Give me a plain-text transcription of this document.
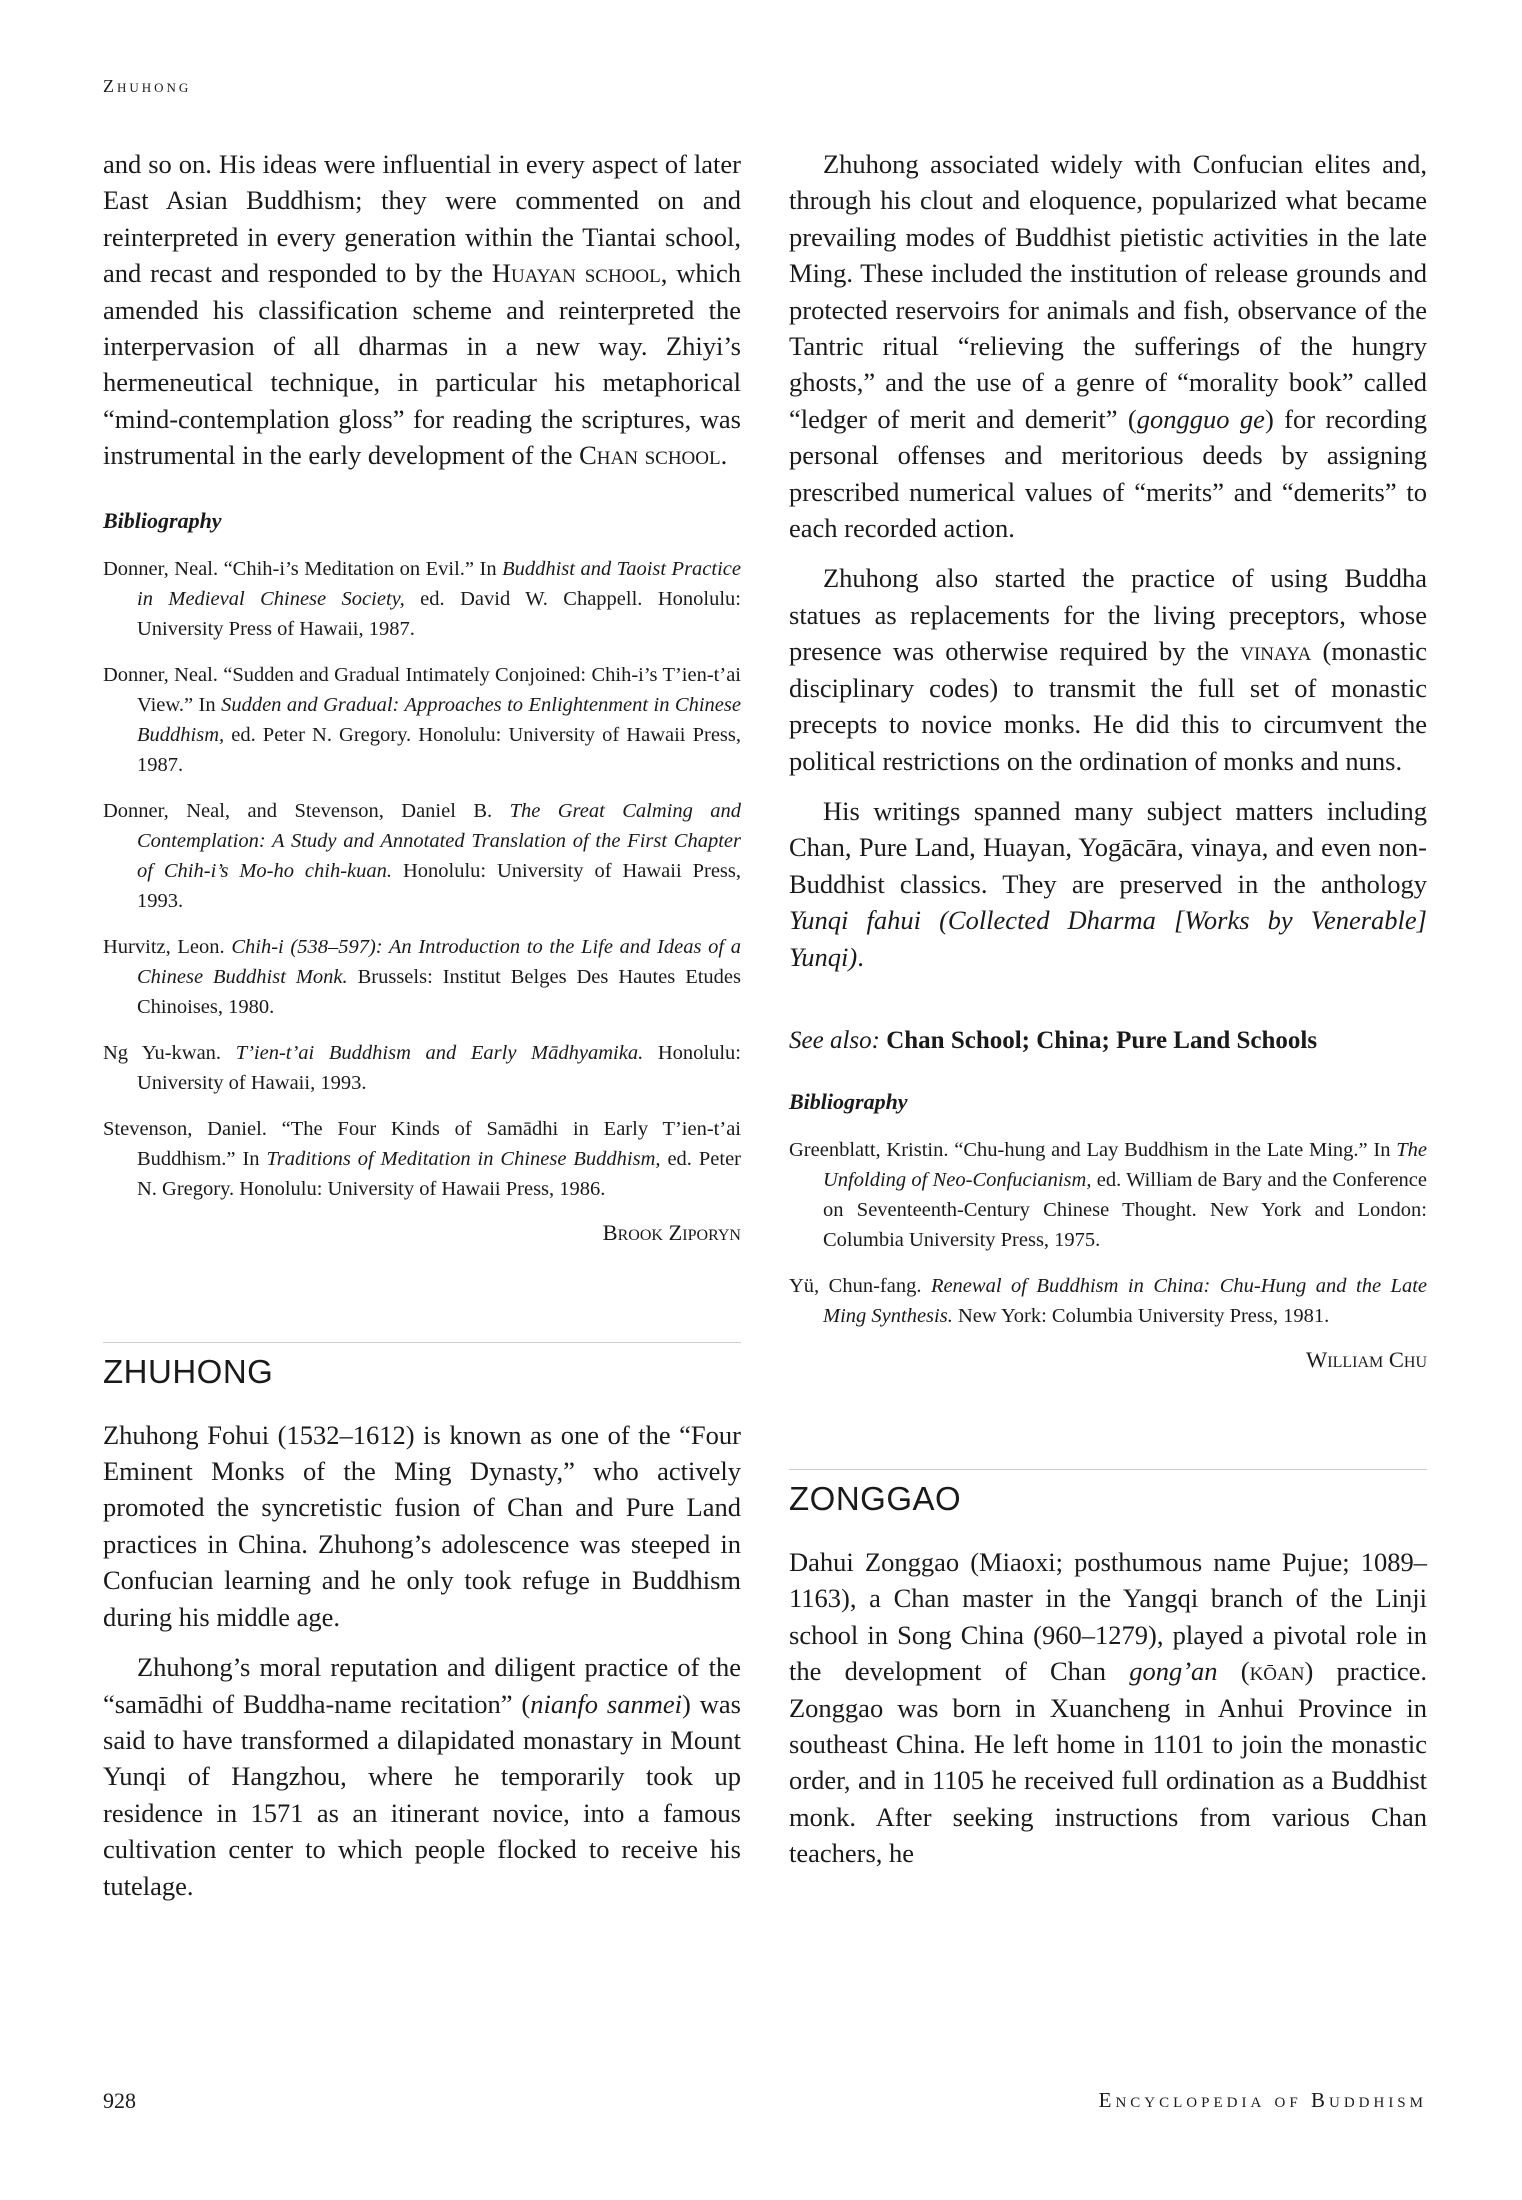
Zhuhong

and so on. His ideas were influential in every aspect of later East Asian Buddhism; they were commented on and reinterpreted in every generation within the Tiantai school, and recast and responded to by the Huayan school, which amended his classification scheme and reinterpreted the interpervasion of all dharmas in a new way. Zhiyi’s hermeneutical technique, in particular his metaphorical “mind-contemplation gloss” for reading the scriptures, was instrumental in the early development of the Chan school.

Bibliography
Donner, Neal. “Chih-i’s Meditation on Evil.” In Buddhist and Taoist Practice in Medieval Chinese Society, ed. David W. Chappell. Honolulu: University Press of Hawaii, 1987.
Donner, Neal. “Sudden and Gradual Intimately Conjoined: Chih-i’s T’ien-t’ai View.” In Sudden and Gradual: Approaches to Enlightenment in Chinese Buddhism, ed. Peter N. Gregory. Honolulu: University of Hawaii Press, 1987.
Donner, Neal, and Stevenson, Daniel B. The Great Calming and Contemplation: A Study and Annotated Translation of the First Chapter of Chih-i’s Mo-ho chih-kuan. Honolulu: University of Hawaii Press, 1993.
Hurvitz, Leon. Chih-i (538–597): An Introduction to the Life and Ideas of a Chinese Buddhist Monk. Brussels: Institut Belges Des Hautes Etudes Chinoises, 1980.
Ng Yu-kwan. T’ien-t’ai Buddhism and Early Mādhyamika. Honolulu: University of Hawaii, 1993.
Stevenson, Daniel. “The Four Kinds of Samādhi in Early T’ien-t’ai Buddhism.” In Traditions of Meditation in Chinese Buddhism, ed. Peter N. Gregory. Honolulu: University of Hawaii Press, 1986.
Brook Ziporyn
ZHUHONG

Zhuhong Fohui (1532–1612) is known as one of the “Four Eminent Monks of the Ming Dynasty,” who actively promoted the syncretistic fusion of Chan and Pure Land practices in China. Zhuhong’s adolescence was steeped in Confucian learning and he only took refuge in Buddhism during his middle age.

Zhuhong’s moral reputation and diligent practice of the “samādhi of Buddha-name recitation” (nianfo sanmei) was said to have transformed a dilapidated monastary in Mount Yunqi of Hangzhou, where he temporarily took up residence in 1571 as an itinerant novice, into a famous cultivation center to which people flocked to receive his tutelage.

Zhuhong associated widely with Confucian elites and, through his clout and eloquence, popularized what became prevailing modes of Buddhist pietistic activities in the late Ming. These included the institution of release grounds and protected reservoirs for animals and fish, observance of the Tantric ritual “relieving the sufferings of the hungry ghosts,” and the use of a genre of “morality book” called “ledger of merit and demerit” (gongguo ge) for recording personal offenses and meritorious deeds by assigning prescribed numerical values of “merits” and “demerits” to each recorded action.

Zhuhong also started the practice of using Buddha statues as replacements for the living preceptors, whose presence was otherwise required by the vinaya (monastic disciplinary codes) to transmit the full set of monastic precepts to novice monks. He did this to circumvent the political restrictions on the ordination of monks and nuns.

His writings spanned many subject matters including Chan, Pure Land, Huayan, Yogācāra, vinaya, and even non-Buddhist classics. They are preserved in the anthology Yunqi fahui (Collected Dharma [Works by Venerable] Yunqi).

See also: Chan School; China; Pure Land Schools
Bibliography
Greenblatt, Kristin. “Chu-hung and Lay Buddhism in the Late Ming.” In The Unfolding of Neo-Confucianism, ed. William de Bary and the Conference on Seventeenth-Century Chinese Thought. New York and London: Columbia University Press, 1975.
Yü, Chun-fang. Renewal of Buddhism in China: Chu-Hung and the Late Ming Synthesis. New York: Columbia University Press, 1981.
William Chu
ZONGGAO

Dahui Zonggao (Miaoxi; posthumous name Pujue; 1089–1163), a Chan master in the Yangqi branch of the Linji school in Song China (960–1279), played a pivotal role in the development of Chan gong’an (kōan) practice. Zonggao was born in Xuancheng in Anhui Province in southeast China. He left home in 1101 to join the monastic order, and in 1105 he received full ordination as a Buddhist monk. After seeking instructions from various Chan teachers, he

928	Encyclopedia of Buddhism
